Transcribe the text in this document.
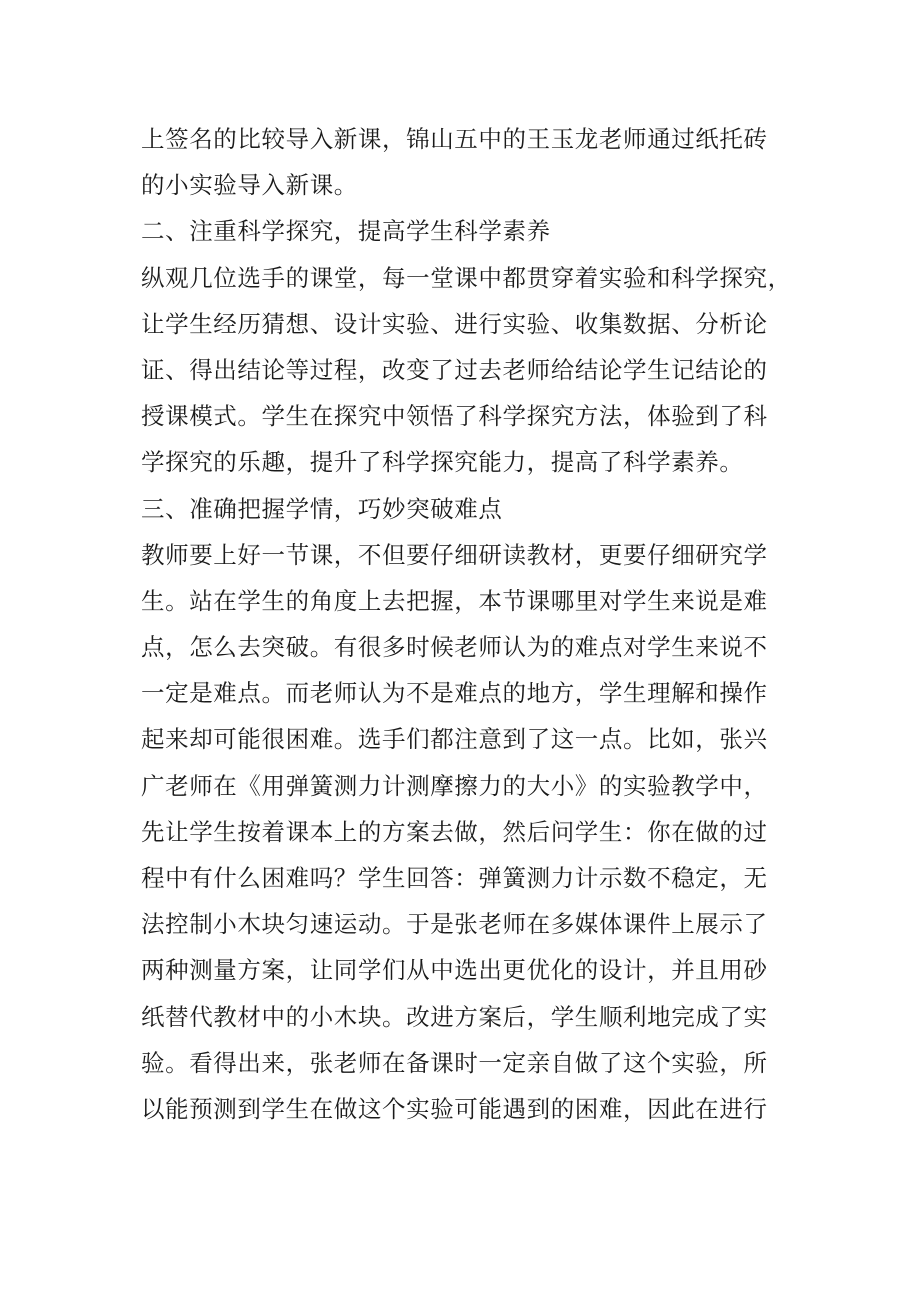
上签名的比较导入新课，锦山五中的王玉龙老师通过纸托砖
的小实验导入新课。
二、注重科学探究，提高学生科学素养
纵观几位选手的课堂，每一堂课中都贯穿着实验和科学探究，
让学生经历猜想、设计实验、进行实验、收集数据、分析论
证、得出结论等过程，改变了过去老师给结论学生记结论的
授课模式。学生在探究中领悟了科学探究方法，体验到了科
学探究的乐趣，提升了科学探究能力，提高了科学素养。
三、准确把握学情，巧妙突破难点
教师要上好一节课，不但要仔细研读教材，更要仔细研究学
生。站在学生的角度上去把握，本节课哪里对学生来说是难
点，怎么去突破。有很多时候老师认为的难点对学生来说不
一定是难点。而老师认为不是难点的地方，学生理解和操作
起来却可能很困难。选手们都注意到了这一点。比如，张兴
广老师在《用弹簧测力计测摩擦力的大小》的实验教学中，
先让学生按着课本上的方案去做，然后问学生：你在做的过
程中有什么困难吗？学生回答：弹簧测力计示数不稳定，无
法控制小木块匀速运动。于是张老师在多媒体课件上展示了
两种测量方案，让同学们从中选出更优化的设计，并且用砂
纸替代教材中的小木块。改进方案后，学生顺利地完成了实
验。看得出来，张老师在备课时一定亲自做了这个实验，所
以能预测到学生在做这个实验可能遇到的困难，因此在进行
